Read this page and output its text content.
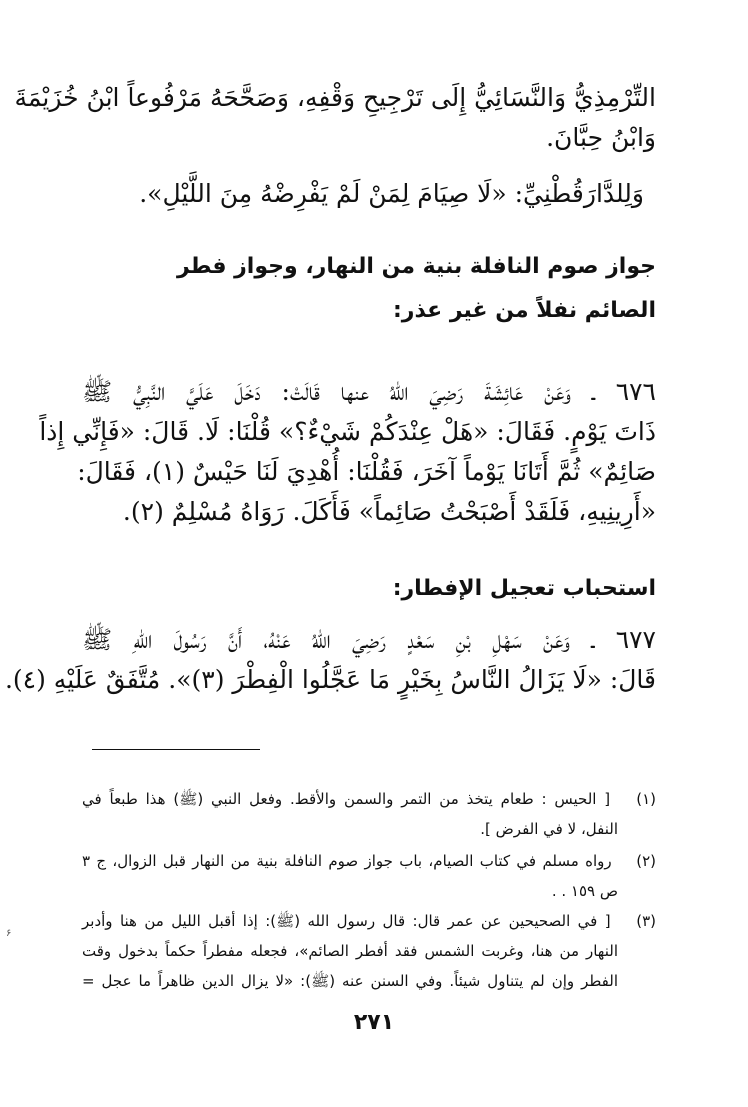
التِّرْمِذِيُّ وَالنَّسَائِيُّ إِلَى تَرْجِيحِ وَقْفِهِ، وَصَحَّحَهُ مَرْفُوعاً ابْنُ خُزَيْمَةَ
وَابْنُ حِبَّانَ.
وَلِلدَّارَقُطْنِيِّ: «لَا صِيَامَ لِمَنْ لَمْ يَفْرِضْهُ مِنَ اللَّيْلِ».
جواز صوم النافلة بنية من النهار، وجواز فطر
الصائم نفلاً من غير عذر:
٦٧٦ ـ وَعَنْ عَائِشَةَ رَضِيَ اللهُ عنها قَالَتْ: دَخَلَ عَلَيَّ النَّبِيُّ ﷺ
ذَاتَ يَوْمٍ. فَقَالَ: «هَلْ عِنْدَكُمْ شَيْءٌ؟» قُلْنَا: لَا. قَالَ: «فَإِنِّي إِذاً
صَائِمٌ» ثُمَّ أَتَانَا يَوْماً آخَرَ، فَقُلْنَا: أُهْدِيَ لَنَا حَيْسٌ (١)، فَقَالَ:
«أَرِينِيهِ، فَلَقَدْ أَصْبَحْتُ صَائِماً» فَأَكَلَ. رَوَاهُ مُسْلِمٌ (٢).
استحباب تعجيل الإفطار:
٦٧٧ ـ وَعَنْ سَهْلِ بْنِ سَعْدٍ رَضِيَ اللهُ عَنْهُ، أَنَّ رَسُولَ اللهِ ﷺ
قَالَ: «لَا يَزَالُ النَّاسُ بِخَيْرٍ مَا عَجَّلُوا الْفِطْرَ (٣)». مُتَّفَقٌ عَلَيْهِ (٤).
(١) [ الحيس : طعام يتخذ من التمر والسمن والأقط. وفعل النبي (ﷺ) هذا طبعاً في
النفل، لا في الفرض ].
(٢) رواه مسلم في كتاب الصيام، باب جواز صوم النافلة بنية من النهار قبل الزوال، ج ٣
ص ١٥٩ . .
(٣) [ في الصحيحين عن عمر قال: قال رسول الله (ﷺ): إذا أقبل الليل من هنا وأدبر
النهار من هنا، وغربت الشمس فقد أفطر الصائم»، فجعله مفطراً حكماً بدخول وقت
الفطر وإن لم يتناول شيئاً. وفي السنن عنه (ﷺ): «لا يزال الدين ظاهراً ما عجل =
٢٧١
۶
